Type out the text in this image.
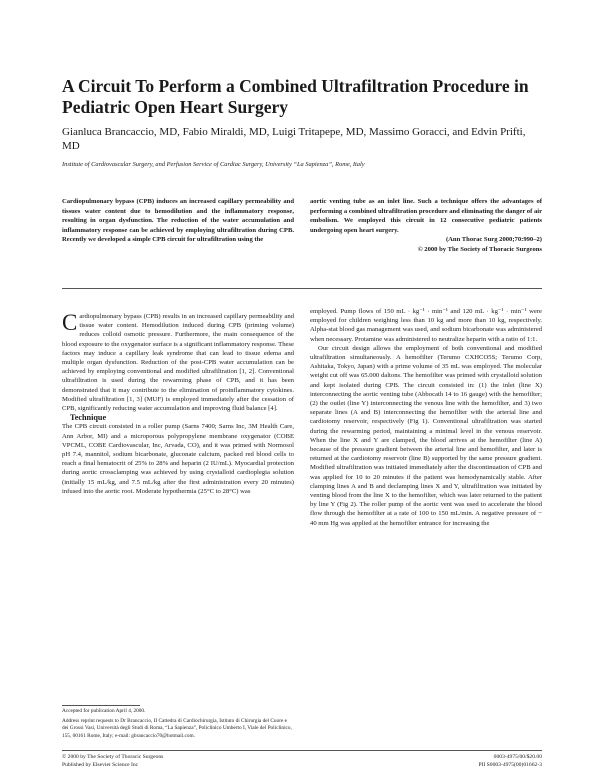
A Circuit To Perform a Combined Ultrafiltration Procedure in Pediatric Open Heart Surgery

Gianluca Brancaccio, MD, Fabio Miraldi, MD, Luigi Tritapepe, MD, Massimo Goracci, and Edvin Prifti, MD

Institute of Cardiovascular Surgery, and Perfusion Service of Cardiac Surgery, University “La Sapienza”, Rome, Italy

Cardiopulmonary bypass (CPB) induces an increased capillary permeability and tissues water content due to hemodilution and the inflammatory response, resulting in organ dysfunction. The reduction of the water accumulation and inflammatory response can be achieved by employing ultrafiltration during CPB. Recently we developed a simple CPB circuit for ultrafiltration using the
aortic venting tube as an inlet line. Such a technique offers the advantages of performing a combined ultrafiltration procedure and eliminating the danger of air embolism. We employed this circuit in 12 consecutive pediatric patients undergoing open heart surgery.
(Ann Thorac Surg 2000;70:990–2)
© 2000 by The Society of Thoracic Surgeons

Cardiopulmonary bypass (CPB) results in an increased capillary permeability and tissue water content. Hemodilution induced during CPB (priming volume) reduces colloid osmotic pressure. Furthermore, the main consequence of the blood exposure to the oxygenator surface is a significant inflammatory response. These factors may induce a capillary leak syndrome that can lead to tissue edema and multiple organ dysfunction. Reduction of the post-CPB water accumulation can be achieved by employing conventional and modified ultrafiltration [1, 2]. Conventional ultrafiltration is used during the rewarming phase of CPB, and it has been demonstrated that it may contribute to the elimination of proinflammatory cytokines. Modified ultrafiltration [1, 3] (MUF) is employed immediately after the cessation of CPB, significantly reducing water accumulation and improving fluid balance [4].

Technique

The CPB circuit consisted in a roller pump (Sarns 7400; Sarns Inc, 3M Health Care, Ann Arbor, MI) and a microporous polypropylene membrane oxygenator (COBE VPCML, COBE Cardiovascular, Inc, Arvada, CO), and it was primed with Normosol pH 7.4, mannitol, sodium bicarbonate, gluconate calcium, packed red blood cells to reach a final hematocrit of 25% to 28% and heparin (2 IU/mL). Myocardial protection during aortic crossclamping was achieved by using crystalloid cardioplegia solution (initially 15 mL/kg, and 7.5 mL/kg after the first administration every 20 minutes) infused into the aortic root. Moderate hypothermia (25°C to 28°C) was

employed. Pump flows of 150 mL · kg⁻¹ · min⁻¹ and 120 mL · kg⁻¹ · min⁻¹ were employed for children weighing less than 10 kg and more than 10 kg, respectively. Alpha-stat blood gas management was used, and sodium bicarbonate was administered when necessary. Protamine was administered to neutralize heparin with a ratio of 1:1.

Our circuit design allows the employment of both conventional and modified ultrafiltration simultaneously. A hemofilter (Terumo CXHCO5S; Terumo Corp, Ashitaka, Tokyo, Japan) with a prime volume of 35 mL was employed. The molecular weight cut off was 65.000 daltons. The hemofilter was primed with crystalloid solution and kept isolated during CPB. The circuit consisted in: (1) the inlet (line X) interconnecting the aortic venting tube (Abbocath 14 to 16 gauge) with the hemofilter; (2) the outlet (line Y) interconnecting the venous line with the hemofilter, and 3) two separate lines (A and B) interconnecting the hemofilter with the arterial line and cardiotomy reservoir, respectively (Fig 1). Conventional ultrafiltration was started during the rewarming period, maintaining a minimal level in the venous reservoir. When the line X and Y are clamped, the blood arrives at the hemofilter (line A) because of the pressure gradient between the arterial line and hemofilter, and later is returned at the cardiotomy reservoir (line B) supported by the same pressure gradient. Modified ultrafiltration was initiated immediately after the discontinuation of CPB and was applied for 10 to 20 minutes if the patient was hemodynamically stable. After clamping lines A and B and declamping lines X and Y, ultrafiltration was initiated by venting blood from the line X to the hemofilter, which was later returned to the patient by line Y (Fig 2). The roller pump of the aortic vent was used to accelerate the blood flow through the hemofilter at a rate of 100 to 150 mL/min. A negative pressure of − 40 mm Hg was applied at the hemofilter entrance for increasing the

Accepted for publication April 4, 2000.

Address reprint requests to Dr Brancaccio, II Cattedra di Cardiochirurgia, Istituto di Chirurgia del Cuore e dei Grossi Vasi, Università degli Studi di Roma, “La Sapienza”, Policlinico Umberto I, Viale del Policlinico, 155, 00161 Rome, Italy; e-mail: gbrancaccio70@hotmail.com.

© 2000 by The Society of Thoracic Surgeons
Published by Elsevier Science Inc

0003-4975/00/$20.00
PII S0003-4975(00)01662-3
